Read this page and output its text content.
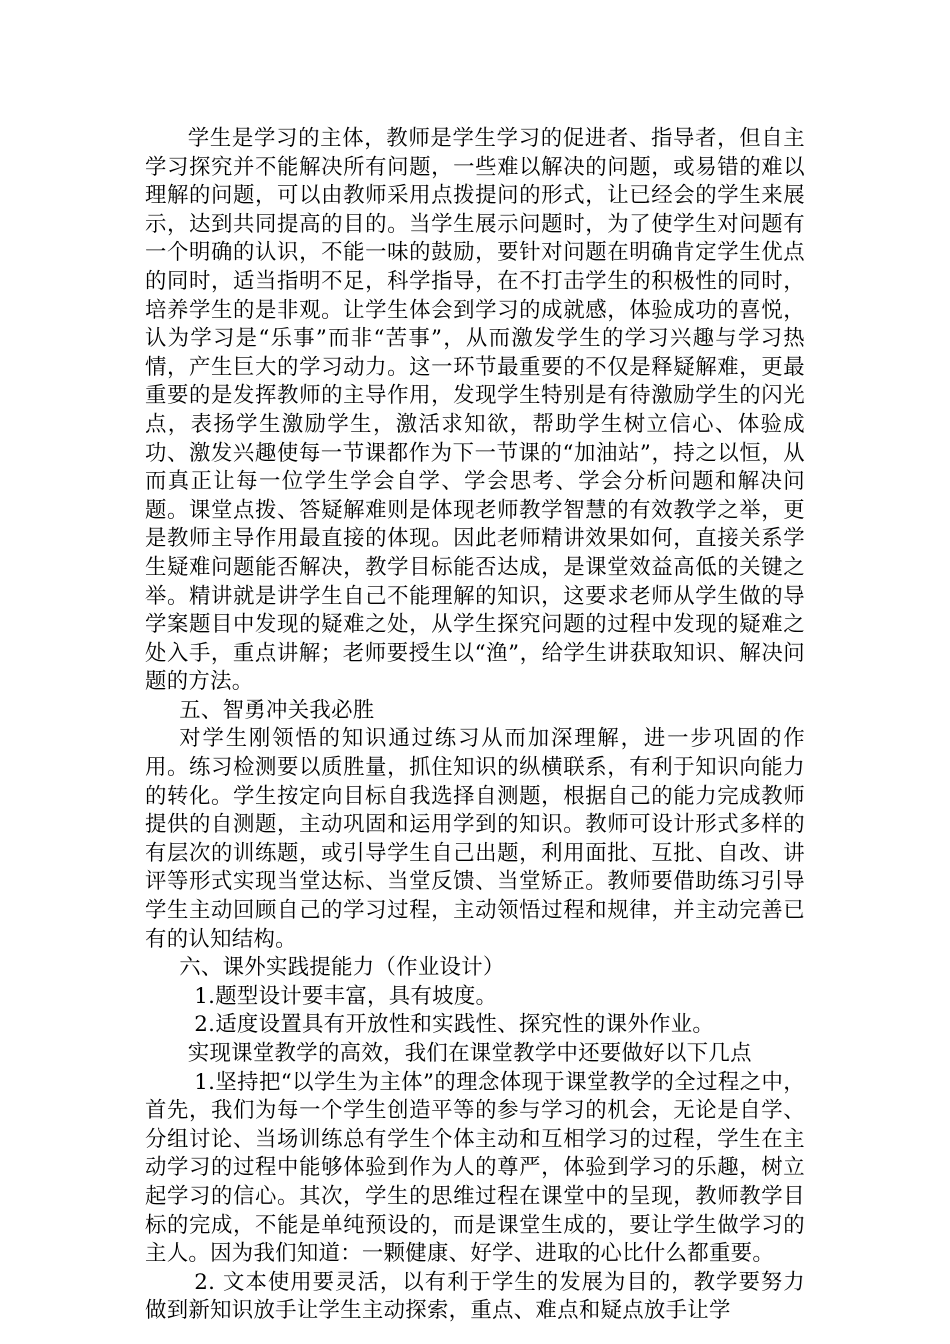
学生是学习的主体，教师是学生学习的促进者、指导者，但自主学习探究并不能解决所有问题，一些难以解决的问题，或易错的难以理解的问题，可以由教师采用点拨提问的形式，让已经会的学生来展示，达到共同提高的目的。当学生展示问题时，为了使学生对问题有一个明确的认识，不能一味的鼓励，要针对问题在明确肯定学生优点的同时，适当指明不足，科学指导，在不打击学生的积极性的同时，培养学生的是非观。让学生体会到学习的成就感，体验成功的喜悦，认为学习是“乐事”而非“苦事”，从而激发学生的学习兴趣与学习热情，产生巨大的学习动力。这一环节最重要的不仅是释疑解难，更最重要的是发挥教师的主导作用，发现学生特别是有待激励学生的闪光点，表扬学生激励学生，激活求知欲，帮助学生树立信心、体验成功、激发兴趣使每一节课都作为下一节课的“加油站”，持之以恒，从而真正让每一位学生学会自学、学会思考、学会分析问题和解决问题。课堂点拨、答疑解难则是体现老师教学智慧的有效教学之举，更是教师主导作用最直接的体现。因此老师精讲效果如何，直接关系学生疑难问题能否解决，教学目标能否达成，是课堂效益高低的关键之举。精讲就是讲学生自己不能理解的知识，这要求老师从学生做的导学案题目中发现的疑难之处，从学生探究问题的过程中发现的疑难之处入手，重点讲解；老师要授生以“渔”，给学生讲获取知识、解决问题的方法。

五、智勇冲关我必胜

对学生刚领悟的知识通过练习从而加深理解，进一步巩固的作用。练习检测要以质胜量，抓住知识的纵横联系，有利于知识向能力的转化。学生按定向目标自我选择自测题，根据自己的能力完成教师提供的自测题，主动巩固和运用学到的知识。教师可设计形式多样的有层次的训练题，或引导学生自己出题，利用面批、互批、自改、讲评等形式实现当堂达标、当堂反馈、当堂矫正。教师要借助练习引导学生主动回顾自己的学习过程，主动领悟过程和规律，并主动完善已有的认知结构。

六、课外实践提能力（作业设计）

1.题型设计要丰富，具有坡度。

2.适度设置具有开放性和实践性、探究性的课外作业。

实现课堂教学的高效，我们在课堂教学中还要做好以下几点

1.坚持把“以学生为主体”的理念体现于课堂教学的全过程之中，首先，我们为每一个学生创造平等的参与学习的机会，无论是自学、分组讨论、当场训练总有学生个体主动和互相学习的过程，学生在主动学习的过程中能够体验到作为人的尊严，体验到学习的乐趣，树立起学习的信心。其次，学生的思维过程在课堂中的呈现，教师教学目标的完成，不能是单纯预设的，而是课堂生成的，要让学生做学习的主人。因为我们知道：一颗健康、好学、进取的心比什么都重要。

2. 文本使用要灵活，以有利于学生的发展为目的，教学要努力做到新知识放手让学生主动探索，重点、难点和疑点放手让学
